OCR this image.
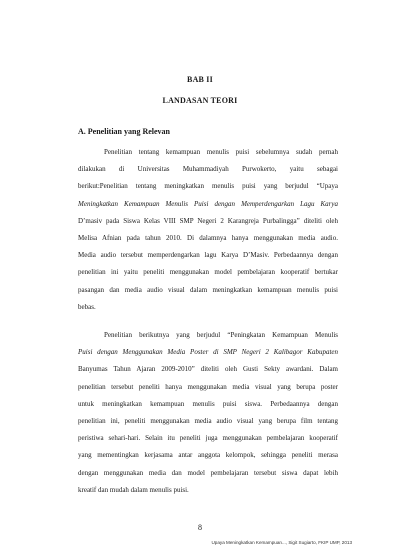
BAB II
LANDASAN TEORI
A. Penelitian yang Relevan
Penelitian tentang kemampuan menulis puisi sebelumnya sudah pernah
dilakukan di Universitas Muhammadiyah Purwokerto, yaitu sebagai
berikut:Penelitian tentang meningkatkan menulis puisi yang berjudul “Upaya
Meningkatkan Kemampuan Menulis Puisi dengan Memperdengarkan Lagu Karya
D’masiv pada Siswa Kelas VIII SMP Negeri 2 Karangreja Purbalingga” diteliti oleh
Melisa Afnian pada tahun 2010. Di dalamnya hanya menggunakan media audio.
Media audio tersebut memperdengarkan lagu Karya D’Masiv. Perbedaannya dengan
penelitian ini yaitu peneliti menggunakan model pembelajaran kooperatif bertukar
pasangan dan media audio visual dalam meningkatkan kemampuan menulis puisi
bebas.
Penelitian berikutnya yang berjudul “Peningkatan Kemampuan Menulis
Puisi dengan Menggunakan Media Poster di SMP Negeri 2 Kalibagor Kabupaten
Banyumas Tahun Ajaran 2009-2010” diteliti oleh Gusti Sekty awardani. Dalam
penelitian tersebut peneliti hanya menggunakan media visual yang berupa poster
untuk meningkatkan kemampuan menulis puisi siswa. Perbedaannya dengan
penelitian ini, peneliti menggunakan media audio visual yang berupa film tentang
peristiwa sehari-hari. Selain itu peneliti juga menggunakan pembelajaran kooperatif
yang mementingkan kerjasama antar anggota kelompok, sehingga peneliti merasa
dengan menggunakan media dan model pembelajaran tersebut siswa dapat lebih
kreatif dan mudah dalam menulis puisi.
8
Upaya Meningkatkan Kemampuan..., Sigit Sugiarto, FKIP UMP, 2013
